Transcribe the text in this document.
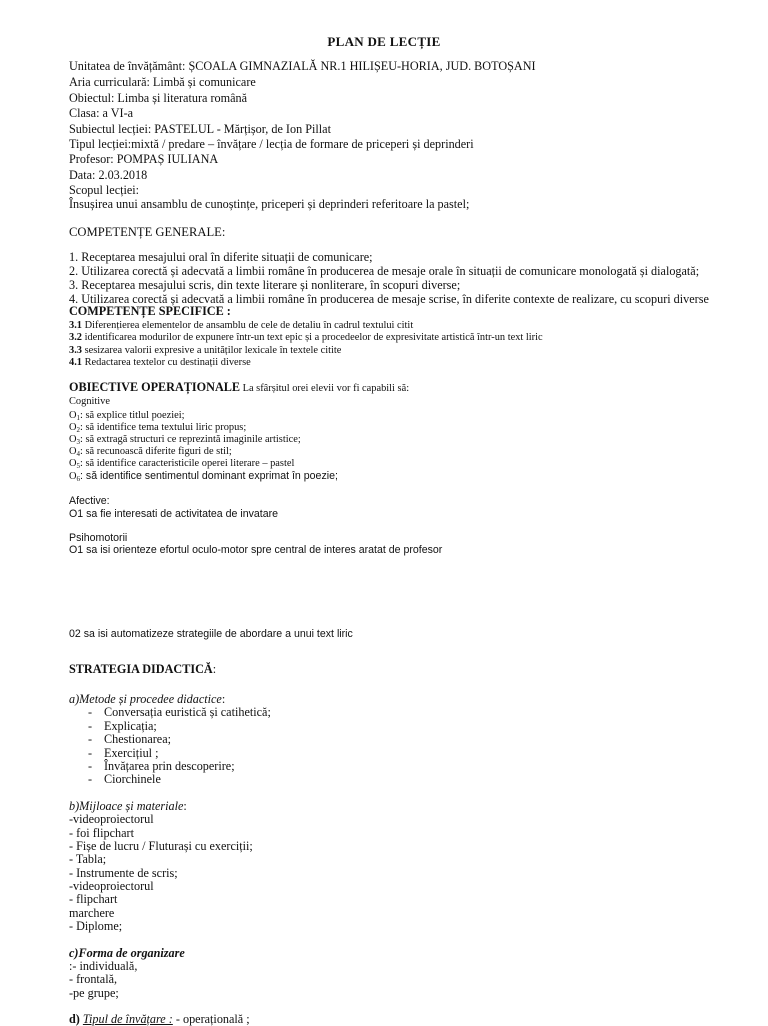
PLAN DE LECȚIE
Unitatea de învățământ: ȘCOALA GIMNAZIALĂ NR.1 HILIȘEU-HORIA, JUD. BOTOȘANI
Aria curriculară: Limbă și comunicare
Obiectul: Limba și literatura română
Clasa: a VI-a
Subiectul lecției: PASTELUL - Mărțișor, de Ion Pillat
Tipul lecției:mixtă / predare – învățare / lecția de formare de priceperi și deprinderi
Profesor: POMPAȘ IULIANA
Data: 2.03.2018
Scopul lecției:
Însușirea unui ansamblu de cunoștințe, priceperi și deprinderi referitoare la pastel;
COMPETENȚE GENERALE:
1. Receptarea mesajului oral în diferite situații de comunicare;
2. Utilizarea corectă și adecvată a limbii române în producerea de mesaje orale în situații de comunicare monologată și dialogată;
3. Receptarea mesajului scris, din texte literare și nonliterare, în scopuri diverse;
4. Utilizarea corectă și adecvată a limbii române în producerea de mesaje scrise, în diferite contexte de realizare, cu scopuri diverse
COMPETENȚE SPECIFICE :
3.1 Diferențierea elementelor de ansamblu de cele de detaliu în cadrul textului citit
3.2 identificarea modurilor de expunere într-un text epic și a procedeelor de expresivitate artistică într-un text liric
3.3 sesizarea valorii expresive a unităților lexicale în textele citite
4.1 Redactarea textelor cu destinații diverse
OBIECTIVE OPERAȚIONALE La sfârșitul orei elevii vor fi capabili să:
Cognitive
$O_1$: să explice titlul poeziei;
$O_2$: să identifice tema textului liric propus;
$O_3$: să extragă structuri ce reprezintă imaginile artistice;
$O_4$: să recunoască diferite figuri de stil;
$O_5$: să identifice caracteristicile operei literare – pastel
$O_6$: să identifice sentimentul dominant exprimat în poezie;
Afective:
O1 sa fie interesati de activitatea de invatare
Psihomotorii
O1 sa isi orienteze efortul oculo-motor spre central de interes aratat de profesor
02 sa isi automatizeze strategiile de abordare a unui text liric
STRATEGIA DIDACTICĂ:
a)Metode și procedee didactice:
- Conversația euristică și catihetică;
- Explicația;
- Chestionarea;
- Exercițiul ;
- Învățarea prin descoperire;
- Ciorchinele
b)Mijloace și materiale:
-videoproiectorul
- foi flipchart
- Fișe de lucru / Fluturași cu exerciții;
- Tabla;
- Instrumente de scris;
-videoproiectorul
- flipchart
marchere
- Diplome;
c)Forma de organizare
:- individuală,
- frontală,
-pe grupe;
d) Tipul de învățare : - operațională ;
